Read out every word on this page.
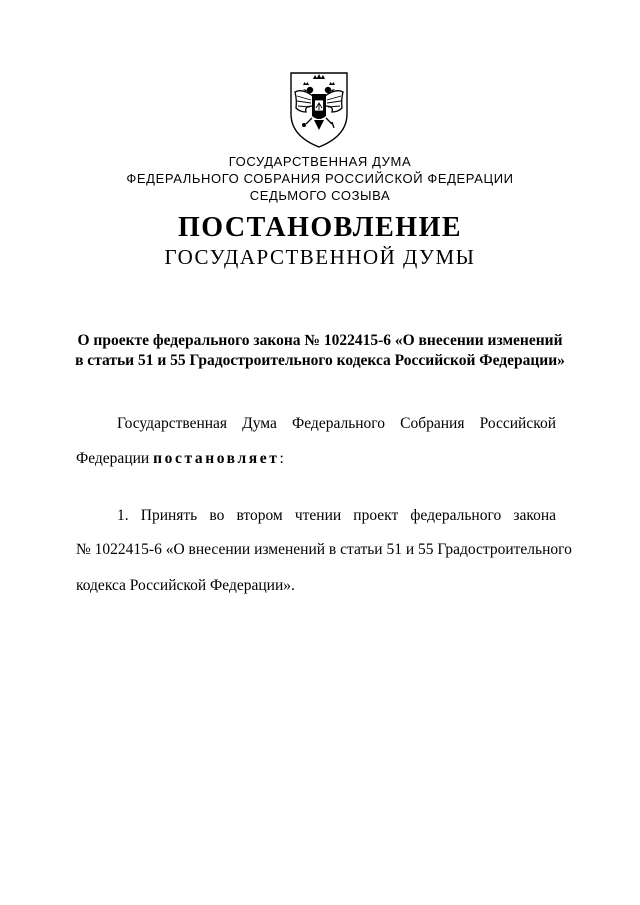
ГОСУДАРСТВЕННАЯ ДУМА
ФЕДЕРАЛЬНОГО СОБРАНИЯ РОССИЙСКОЙ ФЕДЕРАЦИИ
СЕДЬМОГО СОЗЫВА
ПОСТАНОВЛЕНИЕ
ГОСУДАРСТВЕННОЙ ДУМЫ
О проекте федерального закона № 1022415-6 «О внесении изменений
в статьи 51 и 55 Градостроительного кодекса Российской Федерации»
Государственная Дума Федерального Собрания Российской
Федерации постановляет:
1. Принять во втором чтении проект федерального закона
№ 1022415-6 «О внесении изменений в статьи 51 и 55 Градостроительного
кодекса Российской Федерации».
